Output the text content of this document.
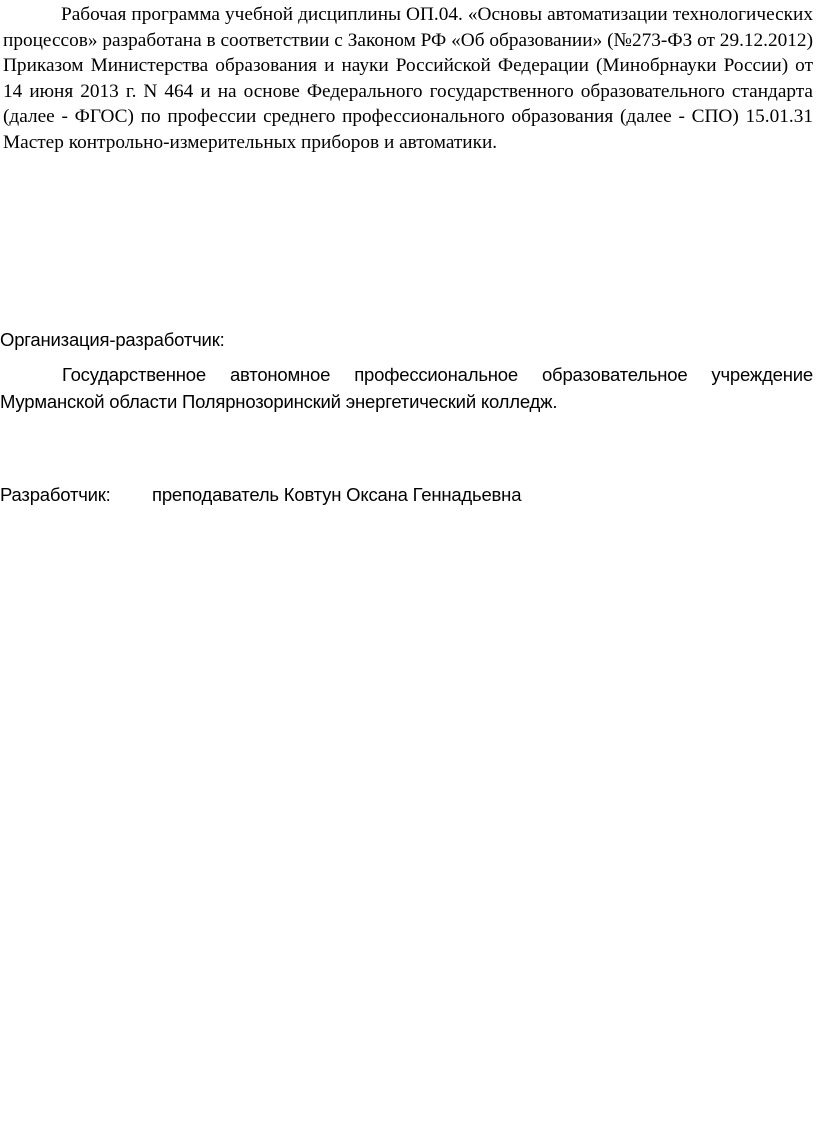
Рабочая программа учебной дисциплины ОП.04. «Основы автоматизации технологических процессов» разработана в соответствии с Законом РФ «Об образовании» (№273-ФЗ от 29.12.2012) Приказом Министерства образования и науки Российской Федерации (Минобрнауки России) от 14 июня 2013 г. N 464 и на основе Федерального государственного образовательного стандарта (далее - ФГОС) по профессии среднего профессионального образования (далее - СПО) 15.01.31 Мастер контрольно-измерительных приборов и автоматики.

Организация-разработчик:

Государственное автономное профессиональное образовательное учреждение Мурманской области Полярнозоринский энергетический колледж.

Разработчик: преподаватель Ковтун Оксана Геннадьевна
